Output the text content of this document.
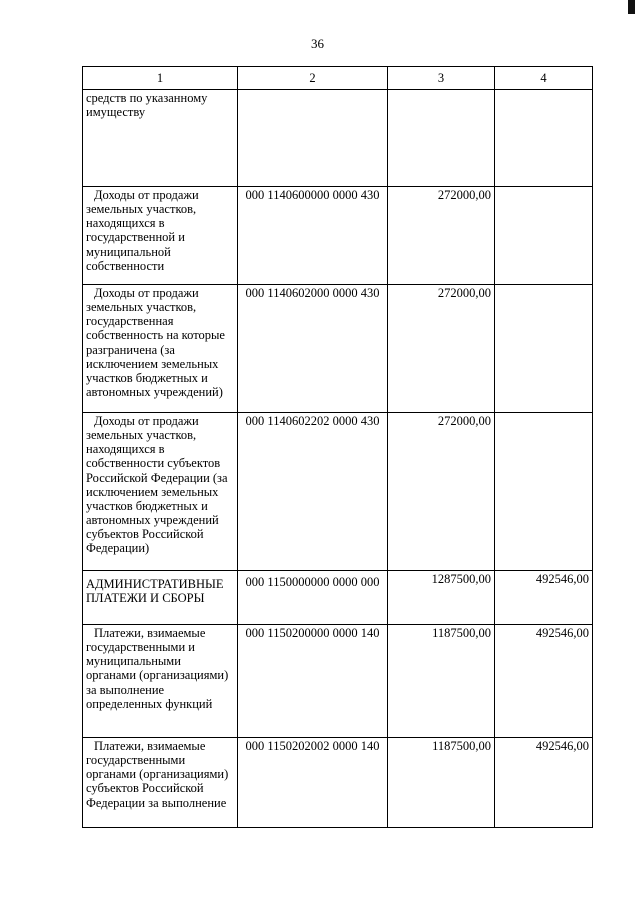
36
1	2	3	4
средств по указанному имуществу			
Доходы от продажи земельных участков, находящихся в государственной и муниципальной собственности	000 1140600000 0000 430	272000,00	
Доходы от продажи земельных участков, государственная собственность на которые разграничена (за исключением земельных участков бюджетных и автономных учреждений)	000 1140602000 0000 430	272000,00	
Доходы от продажи земельных участков, находящихся в собственности субъектов Российской Федерации (за исключением земельных участков бюджетных и автономных учреждений субъектов Российской Федерации)	000 1140602202 0000 430	272000,00	
АДМИНИСТРАТИВНЫЕ ПЛАТЕЖИ И СБОРЫ	000 1150000000 0000 000	1287500,00	492546,00
Платежи, взимаемые государственными и муниципальными органами (организациями) за выполнение определенных функций	000 1150200000 0000 140	1187500,00	492546,00
Платежи, взимаемые государственными органами (организациями) субъектов Российской Федерации за выполнение	000 1150202002 0000 140	1187500,00	492546,00
